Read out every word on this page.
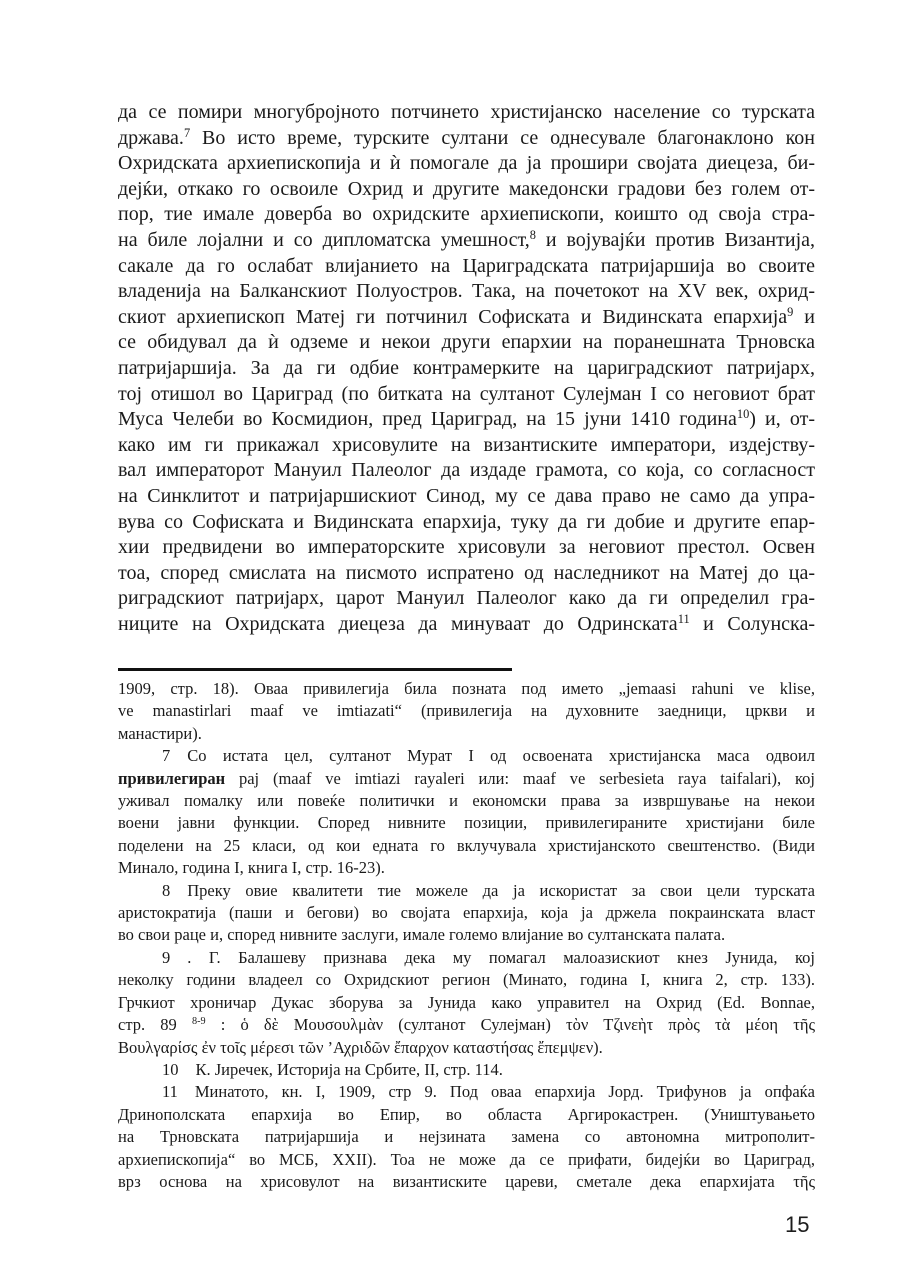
да се помири многубројното потчинето христијанско население со турската
држава.$^7$ Во исто време, турските султани се однесувале благонаклоно кон
Охридската архиепископија и ѝ помогале да ја прошири својата диецеза, би-
дејќи, откако го освоиле Охрид и другите македонски градови без голем от-
пор, тие имале доверба во охридските архиепископи, коишто од своја стра-
на биле лојални и со дипломатска умешност,$^8$ и војувајќи против Византија,
сакале да го ослабат влијанието на Цариградската патријаршија во своите
владенија на Балканскиот Полуостров. Така, на почетокот на XV век, охрид-
скиот архиепископ Матеј ги потчинил Софиската и Видинската епархија$^9$ и
се обидувал да ѝ одземе и некои други епархии на поранешната Трновска
патријаршија. За да ги одбие контрамерките на цариградскиот патријарх,
тој отишол во Цариград (по битката на султанот Сулејман I со неговиот брат
Муса Челеби во Космидион, пред Цариград, на 15 јуни 1410 година$^{10}$) и, от-
како им ги прикажал хрисовулите на византиските императори, издејству-
вал императорот Мануил Палеолог да издаде грамота, со која, со согласност
на Синклитот и патријаршискиот Синод, му се дава право не само да упра-
вува со Софиската и Видинската епархија, туку да ги добие и другите епар-
хии предвидени во императорските хрисовули за неговиот престол. Освен
тоа, според смислата на писмото испратено од наследникот на Матеј до ца-
риградскиот патријарх, царот Мануил Палеолог како да ги определил гра-
ниците на Охридската диецеза да минуваат до Одринската$^{11}$ и Солунска-
1909, стр. 18). Оваа привилегија била позната под името „jemaasi rahuni ve klise,
ve manastirlari maaf ve imtiazati“ (привилегија на духовните заедници, цркви и
манастири).
7 Со истата цел, султанот Мурат I од освоената христијанска маса одвоил
привилегиран рај (maaf ve imtiazi rayaleri или: maaf ve serbesieta raya taifalari), кој
уживал помалку или повеќе политички и економски права за извршување на некои
воени јавни функции. Според нивните позиции, привилегираните христијани биле
поделени на 25 класи, од кои едната го вклучувала христијанското свештенство. (Види
Минало, година I, книга I, стр. 16-23).
8 Преку овие квалитети тие можеле да ја искористат за свои цели турската
аристократија (паши и бегови) во својата епархија, која ја држела покраинската власт
во свои раце и, според нивните заслуги, имале големо влијание во султанската палата.
9 . Г. Балашеву признава дека му помагал малоазискиот кнез Јунида, кој
неколку години владеел со Охридскиот регион (Минато, година I, книга 2, стр. 133).
Грчкиот хроничар Дукас зборува за Јунида како управител на Охрид (Ed. Bonnae,
стр. 89 $^{8-9}$ : ὁ δὲ Μουσουλμὰν (султанот Сулејман) τὸν Τζινεὴτ πρὸς τὰ μέοη τῆς
Βουλγαρίσς ἐν τοῖς μέρεσι τῶν ’Αχριδῶν ἔπαρχον καταστήσας ἔπεμψεν).
10 К. Јиречек, Историја на Србите, II, стр. 114.
11 Минатото, кн. I, 1909, стр 9. Под оваа епархија Јорд. Трифунов ја опфаќа
Дринополската епархија во Епир, во областа Аргирокастрен. (Уништувањето
на Трновската патријаршија и нејзината замена со автономна митрополит-
архиепископија“ во МСБ, XXII). Тоа не може да се прифати, бидејќи во Цариград,
врз основа на хрисовулот на византиските цареви, сметале дека епархијата τῆς
15
